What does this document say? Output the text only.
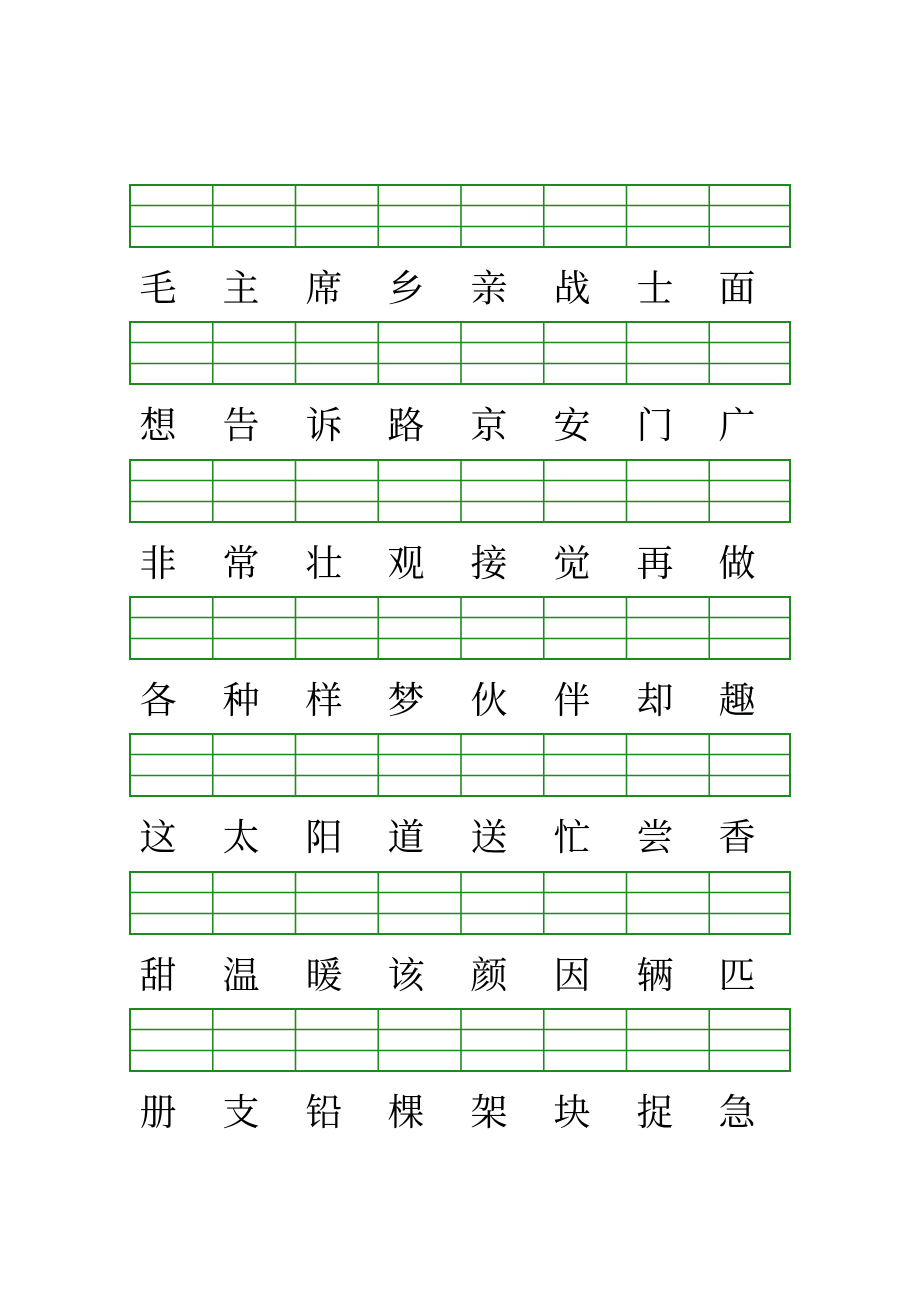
毛	主	席	乡	亲	战	士	面
想	告	诉	路	京	安	门	广
非	常	壮	观	接	觉	再	做
各	种	样	梦	伙	伴	却	趣
这	太	阳	道	送	忙	尝	香
甜	温	暖	该	颜	因	辆	匹
册	支	铅	棵	架	块	捉	急
